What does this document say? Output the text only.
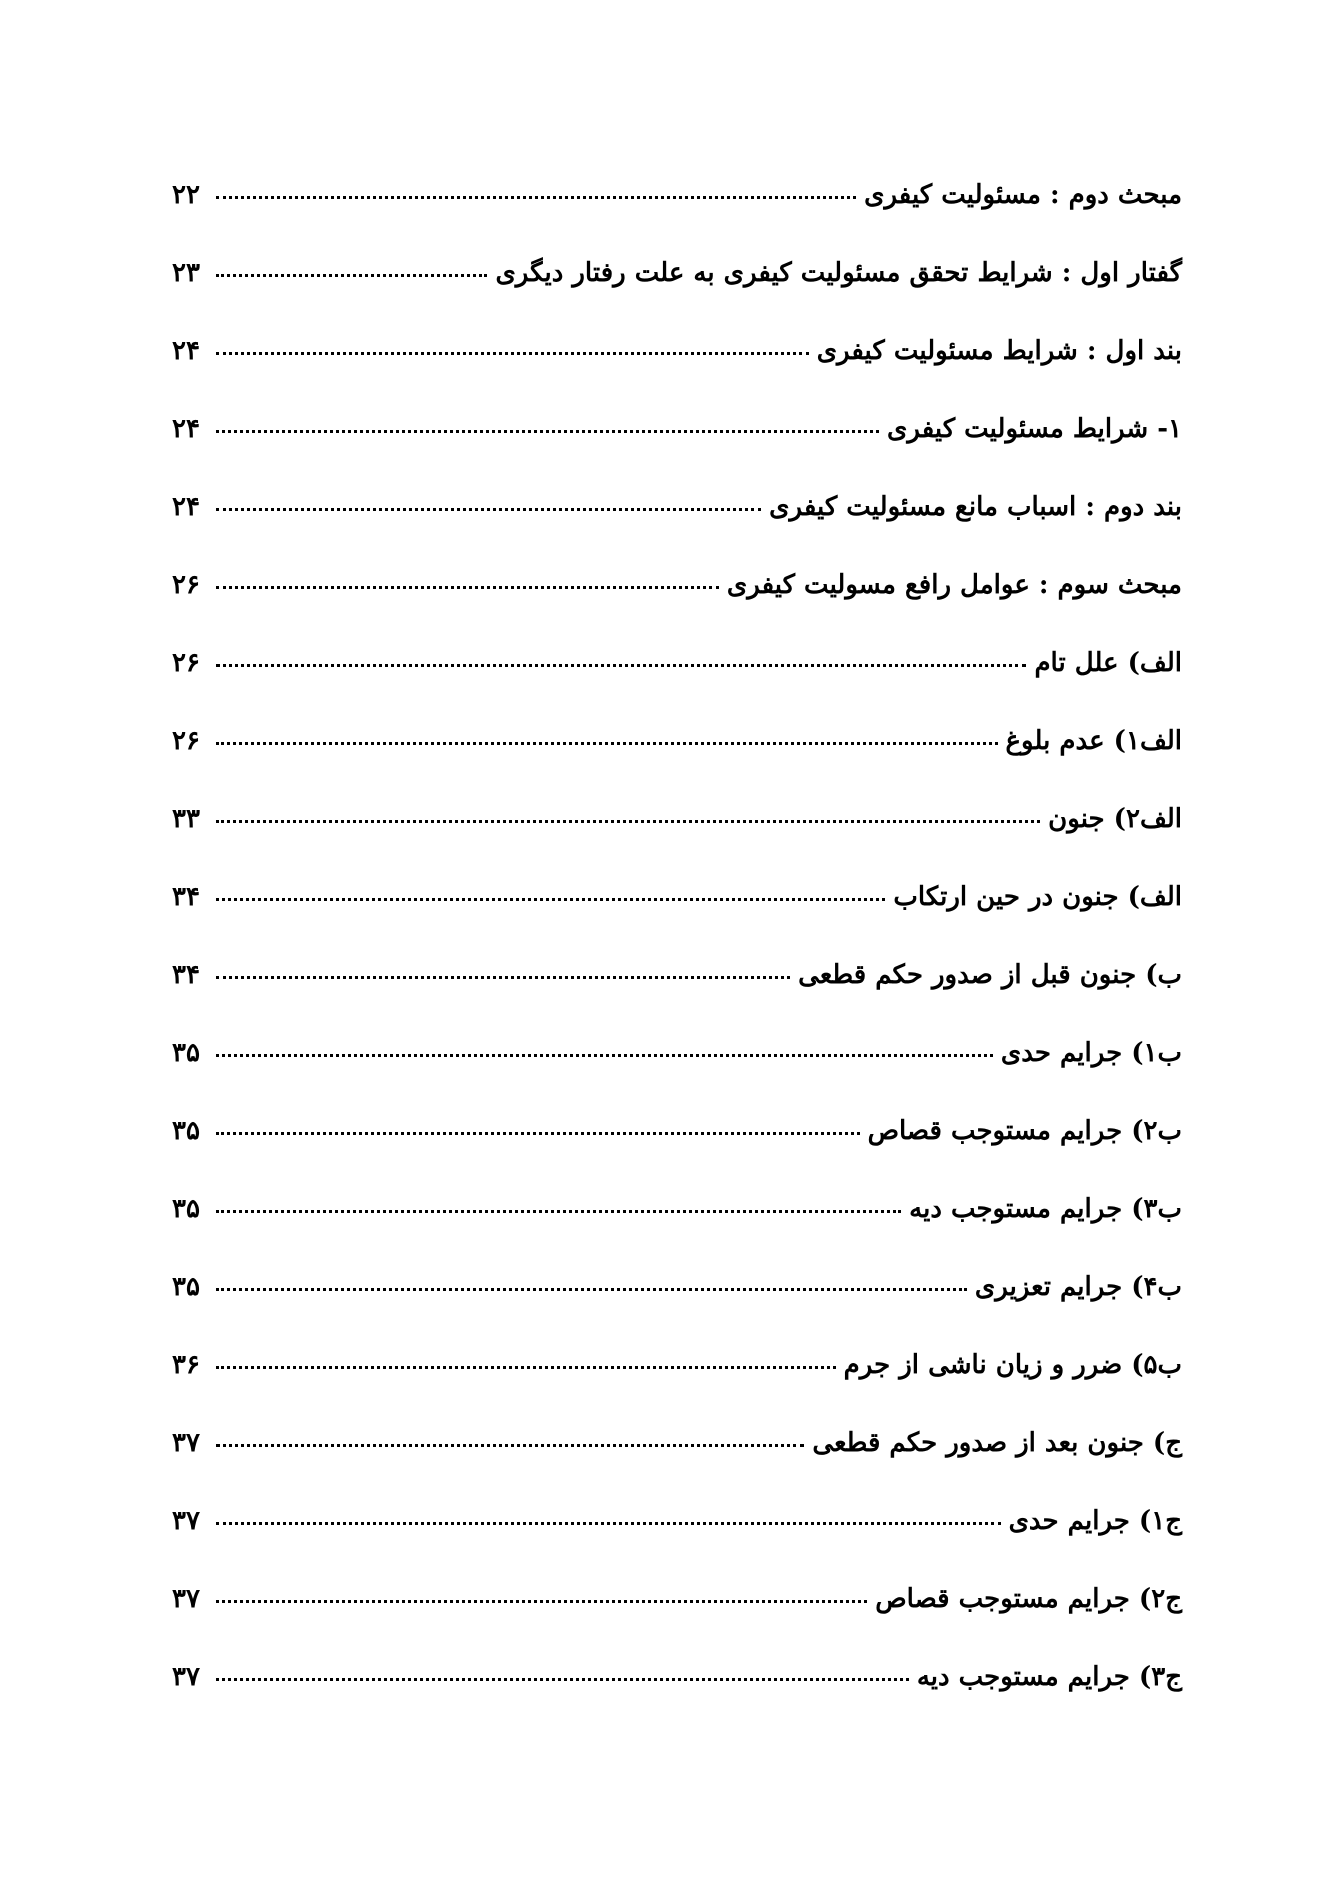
مبحث دوم : مسئولیت کیفری
۲۲
گفتار اول : شرایط تحقق مسئولیت کیفری به علت رفتار دیگری
۲۳
بند اول : شرایط مسئولیت کیفری
۲۴
۱- شرایط مسئولیت کیفری
۲۴
بند دوم : اسباب مانع مسئولیت کیفری
۲۴
مبحث سوم : عوامل رافع مسولیت کیفری
۲۶
الف) علل تام
۲۶
الف۱) عدم بلوغ
۲۶
الف۲) جنون
۳۳
الف) جنون در حین ارتکاب
۳۴
ب) جنون قبل از صدور حکم قطعی
۳۴
ب۱) جرایم حدی
۳۵
ب۲) جرایم مستوجب قصاص
۳۵
ب۳) جرایم مستوجب دیه
۳۵
ب۴) جرایم تعزیری
۳۵
ب۵) ضرر و زیان ناشی از جرم
۳۶
ج) جنون بعد از صدور حکم قطعی
۳۷
ج۱) جرایم حدی
۳۷
ج۲) جرایم مستوجب قصاص
۳۷
ج۳) جرایم مستوجب دیه
۳۷
